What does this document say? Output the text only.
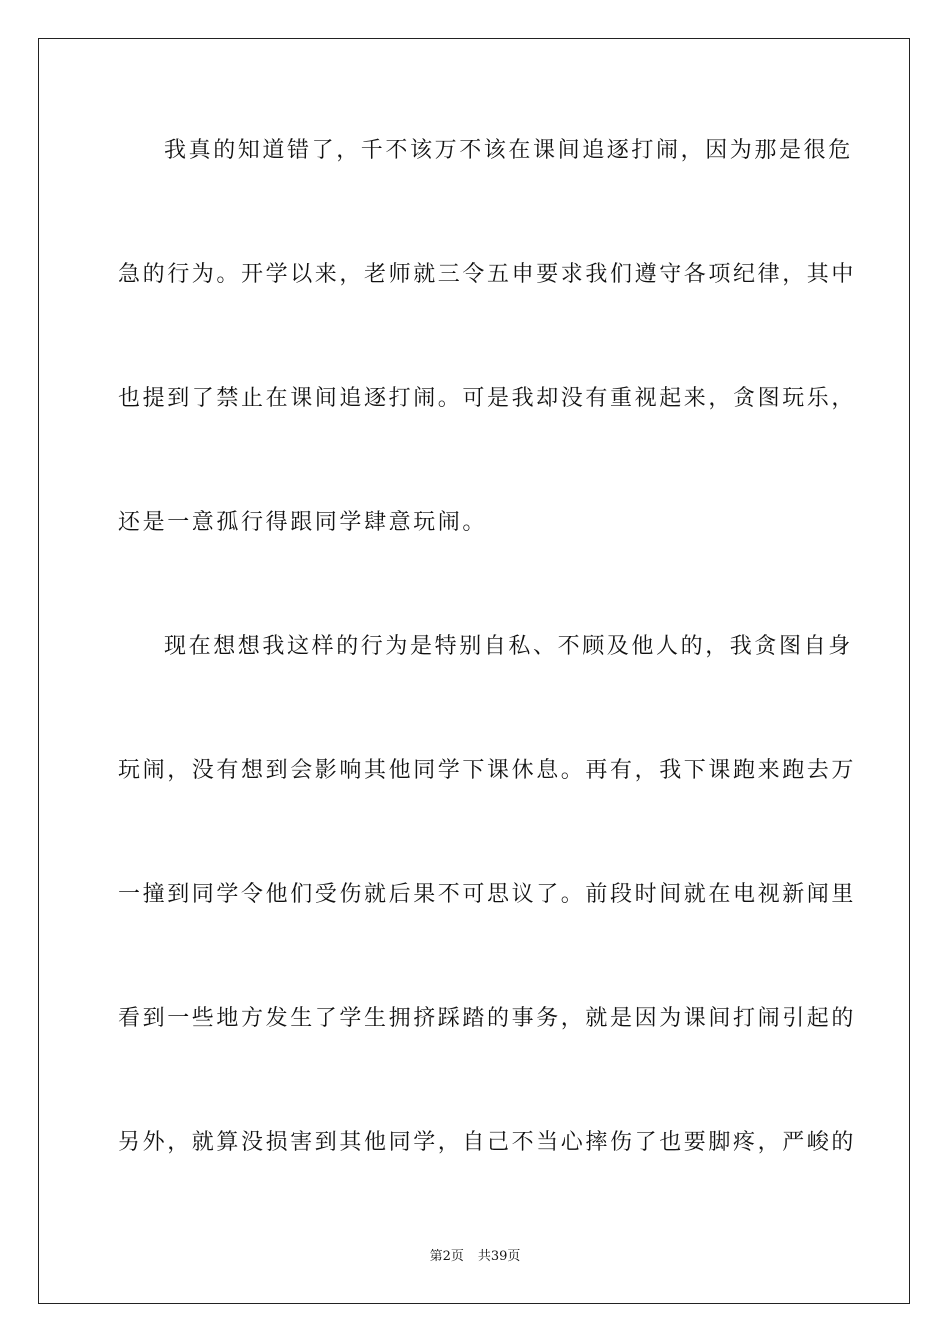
我真的知道错了，千不该万不该在课间追逐打闹，因为那是很危
急的行为。开学以来，老师就三令五申要求我们遵守各项纪律，其中
也提到了禁止在课间追逐打闹。可是我却没有重视起来，贪图玩乐，
还是一意孤行得跟同学肆意玩闹。
现在想想我这样的行为是特别自私、不顾及他人的，我贪图自身
玩闹，没有想到会影响其他同学下课休息。再有，我下课跑来跑去万
一撞到同学令他们受伤就后果不可思议了。前段时间就在电视新闻里
看到一些地方发生了学生拥挤踩踏的事务，就是因为课间打闹引起的
另外，就算没损害到其他同学，自己不当心摔伤了也要脚疼，严峻的
第2页 共39页
